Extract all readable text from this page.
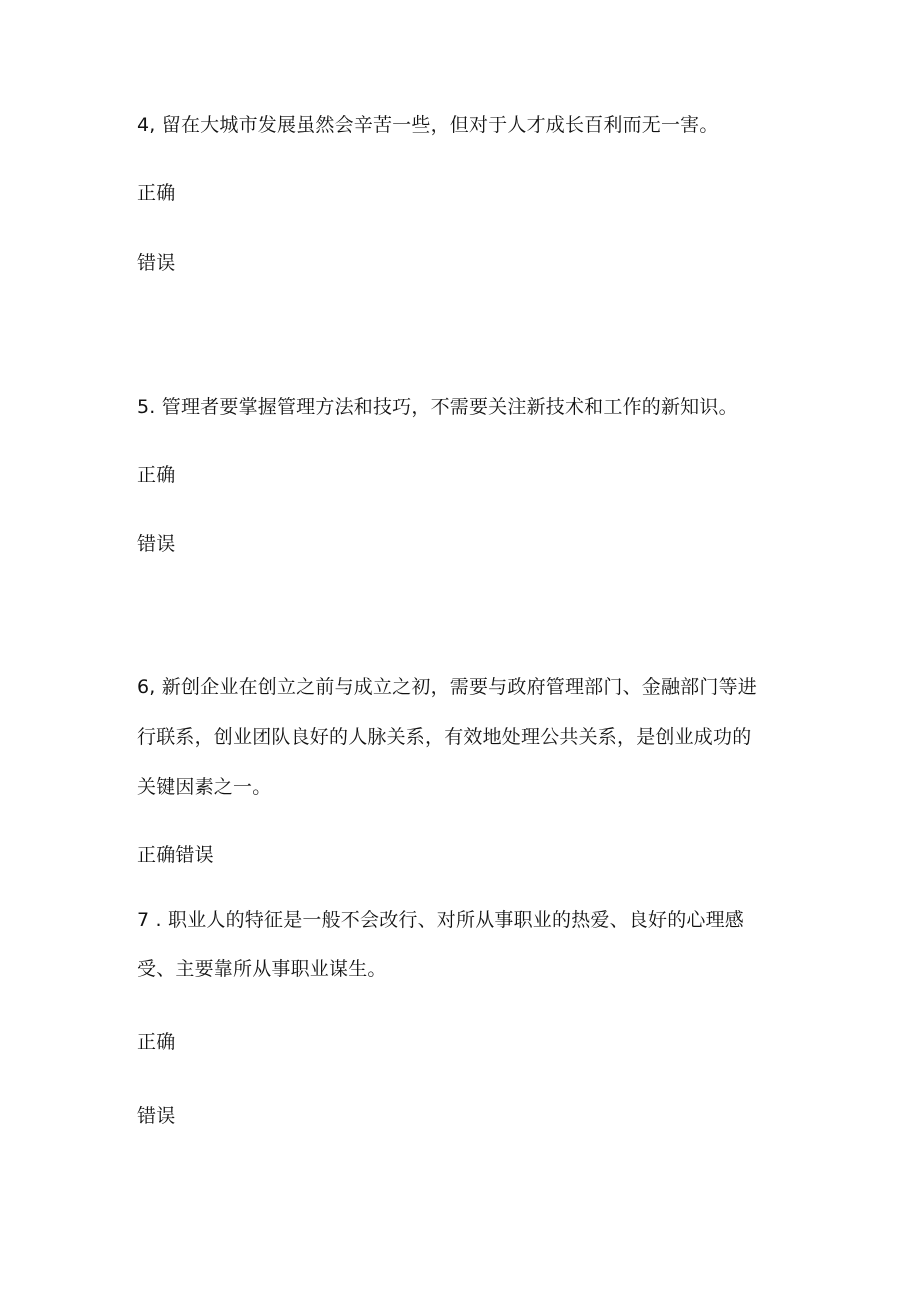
4, 留在大城市发展虽然会辛苦一些，但对于人才成长百利而无一害。
正确
错误
5. 管理者要掌握管理方法和技巧，不需要关注新技术和工作的新知识。
正确
错误
6, 新创企业在创立之前与成立之初，需要与政府管理部门、金融部门等进
行联系，创业团队良好的人脉关系，有效地处理公共关系，是创业成功的
关键因素之一。
正确错误
7 . 职业人的特征是一般不会改行、对所从事职业的热爱、良好的心理感
受、主要靠所从事职业谋生。
正确
错误
